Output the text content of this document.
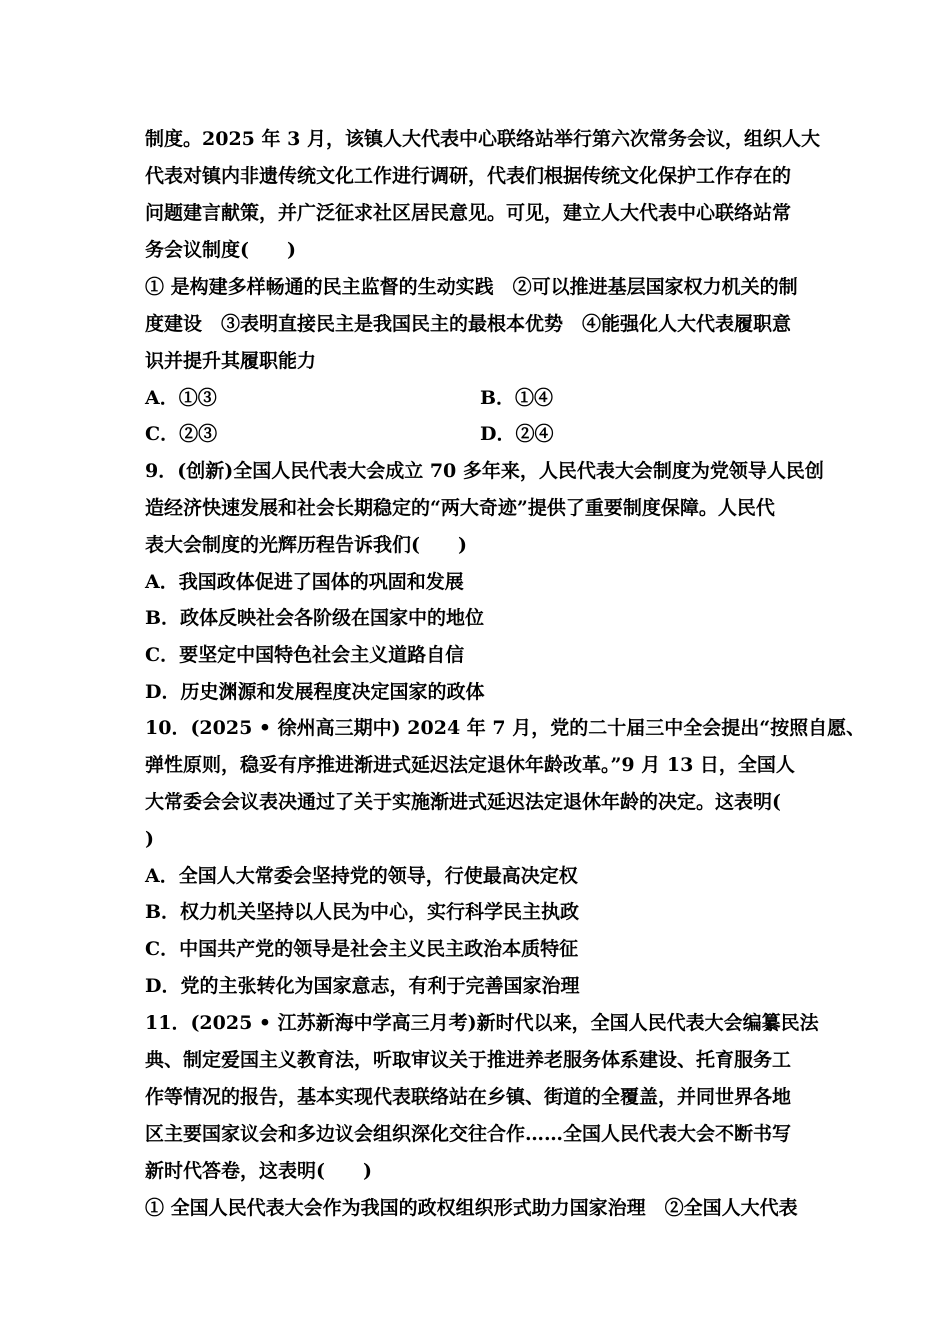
制度。2025 年 3 月，该镇人大代表中心联络站举行第六次常务会议，组织人大
代表对镇内非遗传统文化工作进行调研，代表们根据传统文化保护工作存在的
问题建言献策，并广泛征求社区居民意见。可见，建立人大代表中心联络站常
务会议制度(　　)
① 是构建多样畅通的民主监督的生动实践　②可以推进基层国家权力机关的制
度建设　③表明直接民主是我国民主的最根本优势　④能强化人大代表履职意
识并提升其履职能力
A．①③	B．①④
C．②③	D．②④
9．(创新)全国人民代表大会成立 70 多年来，人民代表大会制度为党领导人民创
造经济快速发展和社会长期稳定的“两大奇迹”提供了重要制度保障。人民代
表大会制度的光辉历程告诉我们(　　)
A．我国政体促进了国体的巩固和发展
B．政体反映社会各阶级在国家中的地位
C．要坚定中国特色社会主义道路自信
D．历史渊源和发展程度决定国家的政体
10．(2025 • 徐州高三期中) 2024 年 7 月，党的二十届三中全会提出“按照自愿、
弹性原则，稳妥有序推进渐进式延迟法定退休年龄改革。”9 月 13 日，全国人
大常委会会议表决通过了关于实施渐进式延迟法定退休年龄的决定。这表明(
)
A．全国人大常委会坚持党的领导，行使最高决定权
B．权力机关坚持以人民为中心，实行科学民主执政
C．中国共产党的领导是社会主义民主政治本质特征
D．党的主张转化为国家意志，有利于完善国家治理
11．(2025 • 江苏新海中学高三月考)新时代以来，全国人民代表大会编纂民法
典、制定爱国主义教育法，听取审议关于推进养老服务体系建设、托育服务工
作等情况的报告，基本实现代表联络站在乡镇、街道的全覆盖，并同世界各地
区主要国家议会和多边议会组织深化交往合作……全国人民代表大会不断书写
新时代答卷，这表明(　　)
① 全国人民代表大会作为我国的政权组织形式助力国家治理　②全国人大代表
